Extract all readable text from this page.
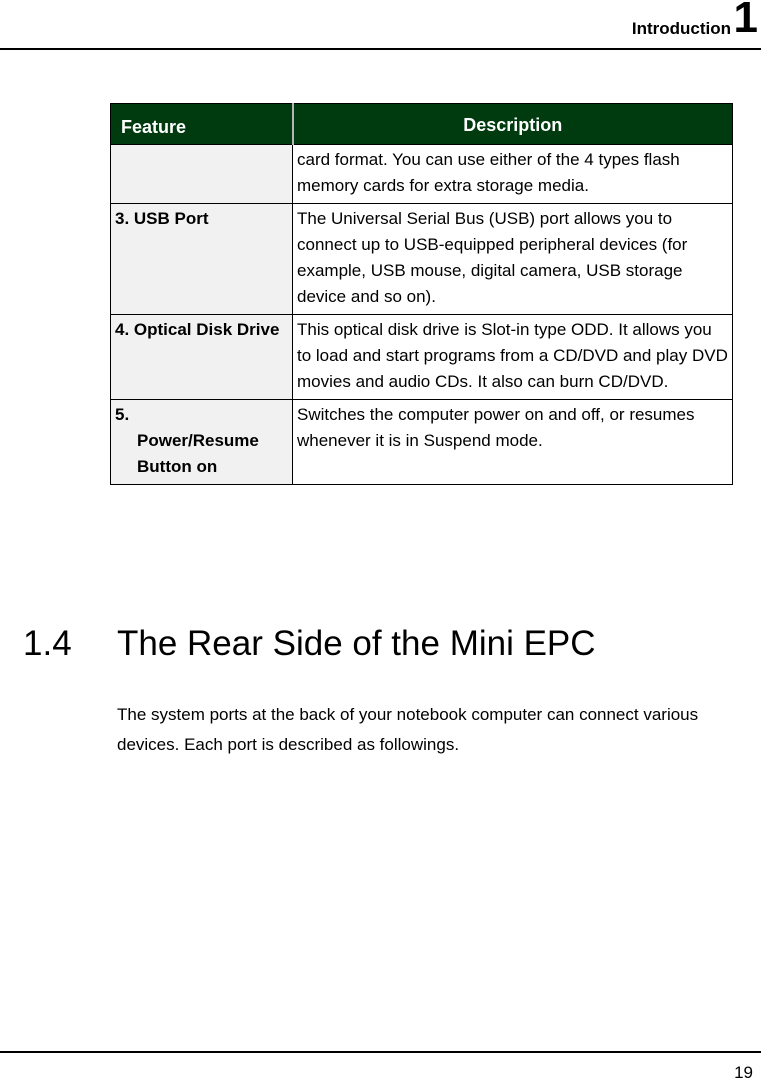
Introduction 1
Feature	Description
	card format. You can use either of the 4 types flash memory cards for extra storage media.
3. USB Port	The Universal Serial Bus (USB) port allows you to connect up to USB-equipped peripheral devices (for example, USB mouse, digital camera, USB storage device and so on).
4. Optical Disk Drive	This optical disk drive is Slot-in type ODD. It allows you to load and start programs from a CD/DVD and play DVD movies and audio CDs. It also can burn CD/DVD.
5.
Power/Resume
Button on	Switches the computer power on and off, or resumes whenever it is in Suspend mode.
1.4 The Rear Side of the Mini EPC

The system ports at the back of your notebook computer can connect various devices. Each port is described as followings.

19
